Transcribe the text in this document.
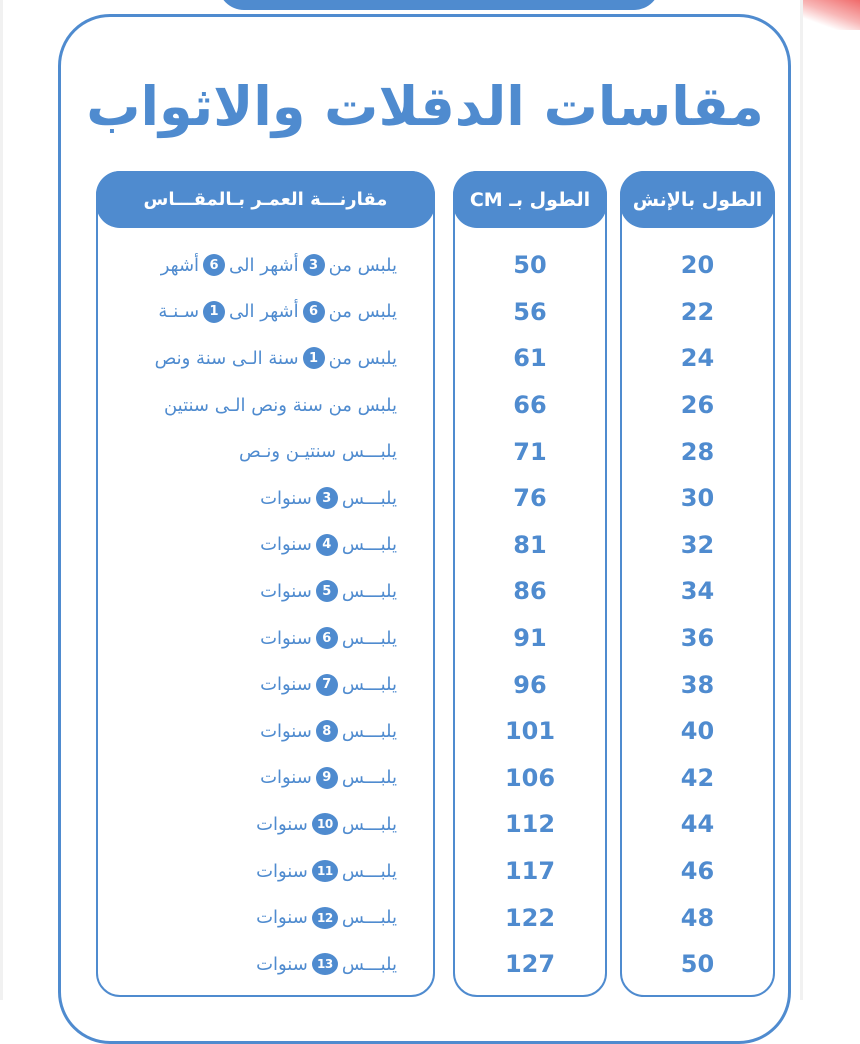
مقاسات الدقلات والاثواب
الطول بالإنش
20
22
24
26
28
30
32
34
36
38
40
42
44
46
48
50
الطول بـ CM
50
56
61
66
71
76
81
86
91
96
101
106
112
117
122
127
مقارنـــة العمـر بـالمقـــاس
يلبس من
3
أشهر الى
6
أشهر
يلبس من
6
أشهر الى
1
سـنـة
يلبس من
1
سنة الـى سنة ونص
يلبس من سنة ونص الـى سنتين
يلبـــس سنتيـن ونـص
يلبـــس
3
سنوات
يلبـــس
4
سنوات
يلبـــس
5
سنوات
يلبـــس
6
سنوات
يلبـــس
7
سنوات
يلبـــس
8
سنوات
يلبـــس
9
سنوات
يلبـــس
10
سنوات
يلبـــس
11
سنوات
يلبـــس
12
سنوات
يلبـــس
13
سنوات
